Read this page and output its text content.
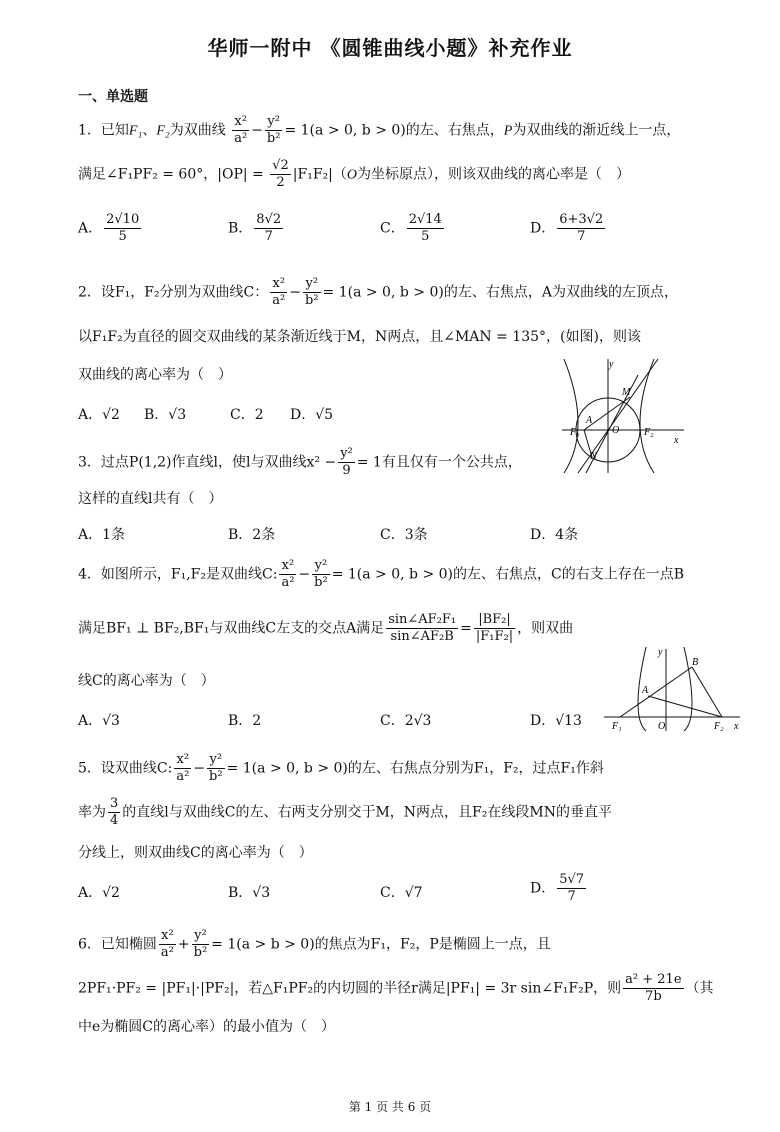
华师一附中 《圆锥曲线小题》补充作业
一、单选题
1．已知F₁、F₂为双曲线 $\frac{\text{x²}}{\text{a²}} - \frac{\text{y²}}{\text{b²}} = 1(a > 0$, b > 0)的左、右焦点，P为双曲线的渐近线上一点，
满足∠F₁PF₂ = 60°，$|OP| = \frac{√2}{2} |F_1F_2|(O$为坐标原点），则该双曲线的离心率是（　）
A． $\frac{2√10}{5}$	B． $\frac{8√2}{7}$	C． $\frac{2√14}{5}$	D． $\frac{6+3√2}{7}$
2．设F₁，F₂分别为双曲线C： $\frac{\text{x²}}{\text{a²}} - \frac{\text{y²}}{\text{b²}} = 1(a > 0$, b > 0)的左、右焦点，A为双曲线的左顶点，
以F₁F₂为直径的圆交双曲线的某条渐近线于M，N两点，且∠MAN = 135°，(如图)，则该
双曲线的离心率为（　）
A．√2 B．√3	C．2 D．√5
y
x
M
A
F₁	O F₂
N
3．过点P(1,2)作直线l，使l与双曲线$x^2 - \frac{\text{y²}}{9} = 1$有且仅有一个公共点，
这样的直线l共有（　）
A．1条	B．2条	C．3条	D．4条
4．如图所示，F₁,F₂是双曲线C: $\frac{\text{x²}}{\text{a²}} - \frac{\text{y²}}{\text{b²}} = 1(a > 0$, b > 0)的左、右焦点，C的右支上存在一点B
满足BF₁ ⊥ BF₂,BF₁与双曲线C左支的交点A满足 $\frac{\text{sin∠AF₂F₁}}{\text{sin∠AF₂B}} = \frac{\text{|BF₂|}}{\text{|F₁F₂|}}$ ，则双曲
线C的离心率为（　）
A．√3	B．2	C．2√3	D．√13
y
x
B
A
F₁	O	F₂
5．设双曲线C: $\frac{\text{x²}}{\text{a²}} - \frac{\text{y²}}{\text{b²}} = 1(a > 0$, b > 0)的左、右焦点分别为F₁，F₂，过点F₁作斜
率为 $\frac{3}{4}$ 的直线l与双曲线C的左、右两支分别交于M，N两点，且F₂在线段MN的垂直平
分线上，则双曲线C的离心率为（　）
A．√2	B．√3	C．√7	D． $\frac{5√7}{7}$
6．已知椭圆 $\frac{\text{x²}}{\text{a²}} + \frac{\text{y²}}{\text{b²}} = 1(a > b > 0)$的焦点为F₁，F₂，P是椭圆上一点，且
2PF₁·PF₂ = |PF₁|·|PF₂|，若△F₁PF₂的内切圆的半径r满足|PF₁| = 3r sin∠F₁F₂P，则 $\frac{\text{a² + 21e}}{7b}$ （其
中e为椭圆C的离心率）的最小值为（　）
第 1 页 共 6 页
